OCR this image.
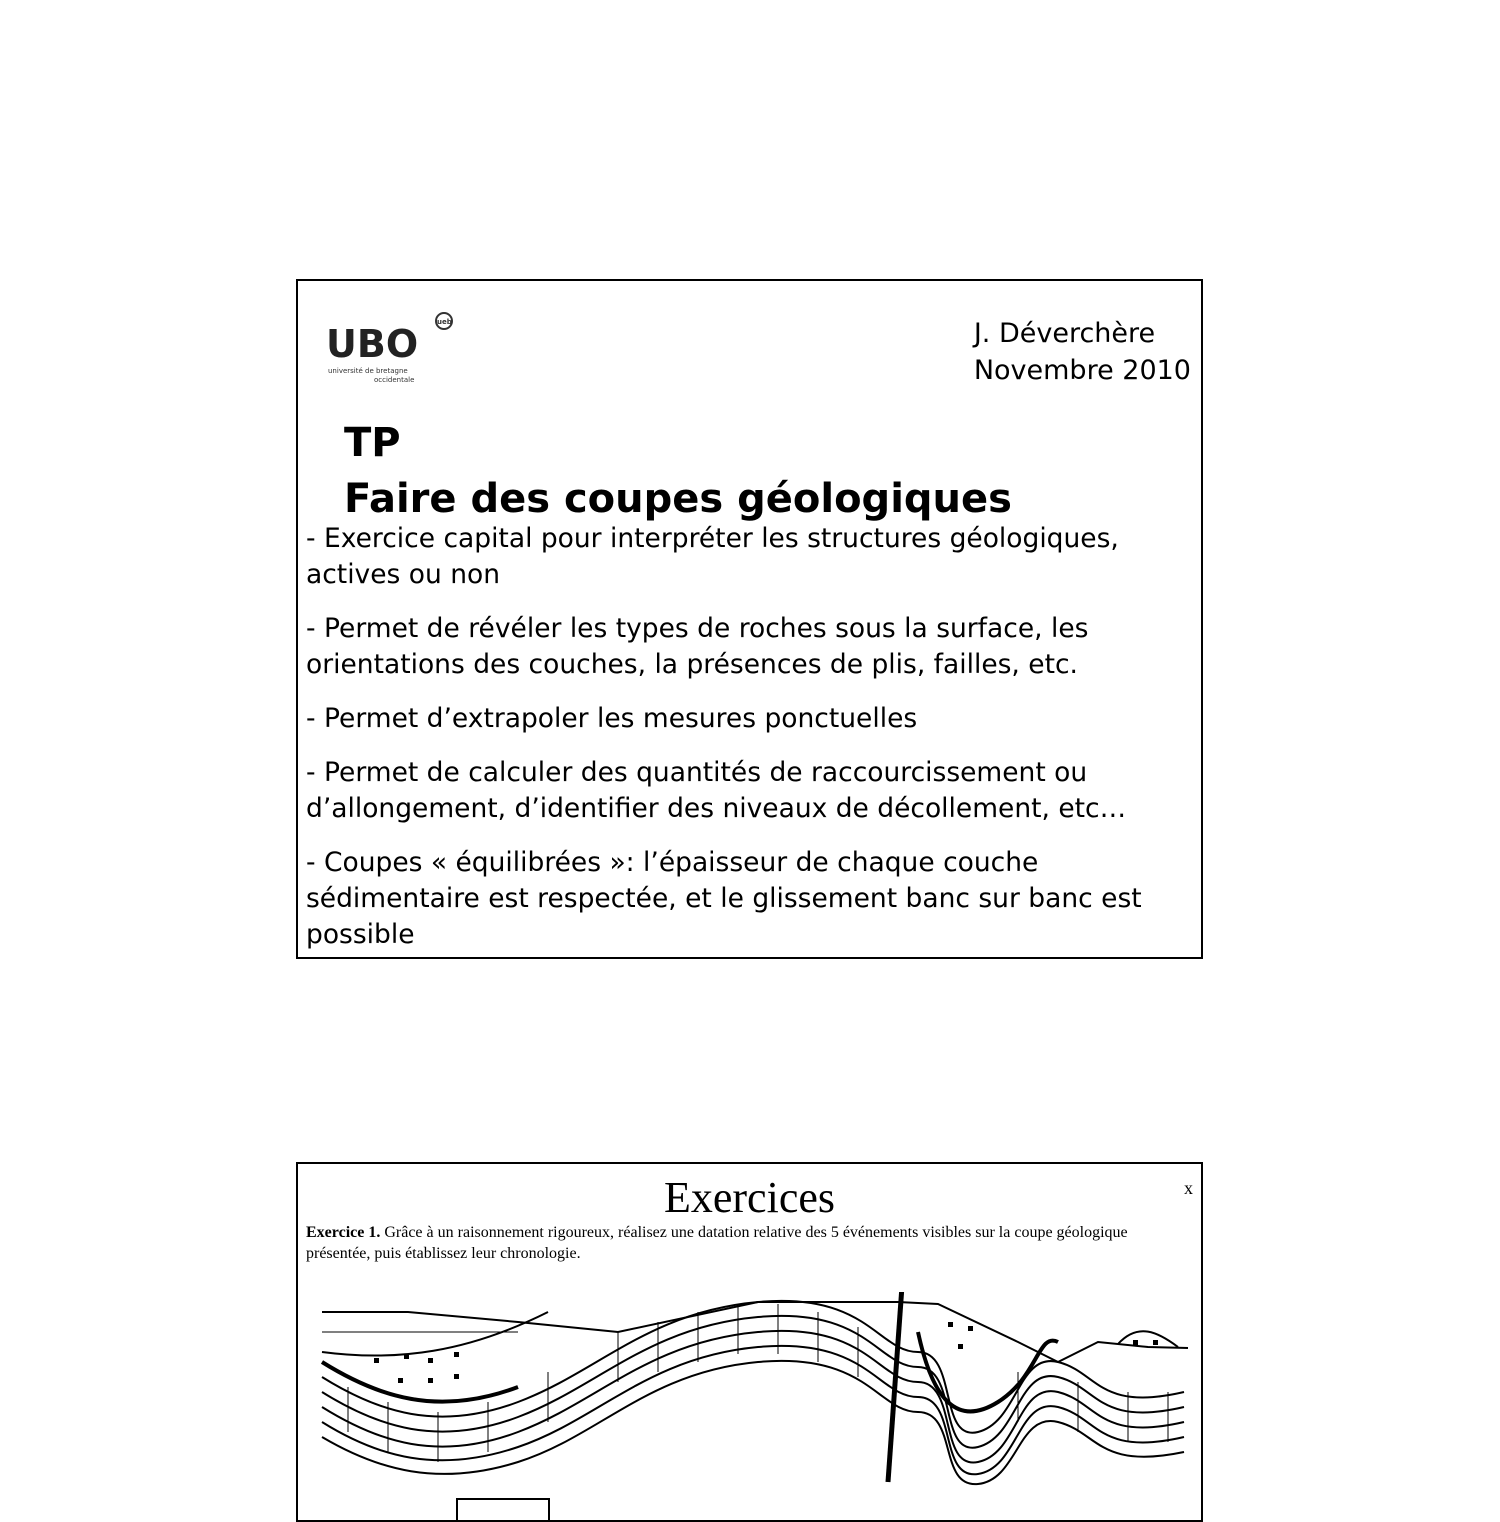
UBO	ueb
université de bretagne
occidentale
J. Déverchère
Novembre 2010
TP
Faire des coupes géologiques

- Exercice capital pour interpréter les structures géologiques, actives ou non

- Permet de révéler les types de roches sous la surface, les orientations des couches, la présences de plis, failles, etc.

- Permet d’extrapoler les mesures ponctuelles

- Permet de calculer des quantités de raccourcissement ou d’allongement, d’identifier des niveaux de décollement, etc…

- Coupes « équilibrées »: l’épaisseur de chaque couche sédimentaire est respectée, et le glissement banc sur banc est possible

Exercices	x
Exercice 1. Grâce à un raisonnement rigoureux, réalisez une datation relative des 5 événements visibles sur la coupe géologique présentée, puis établissez leur chronologie.
